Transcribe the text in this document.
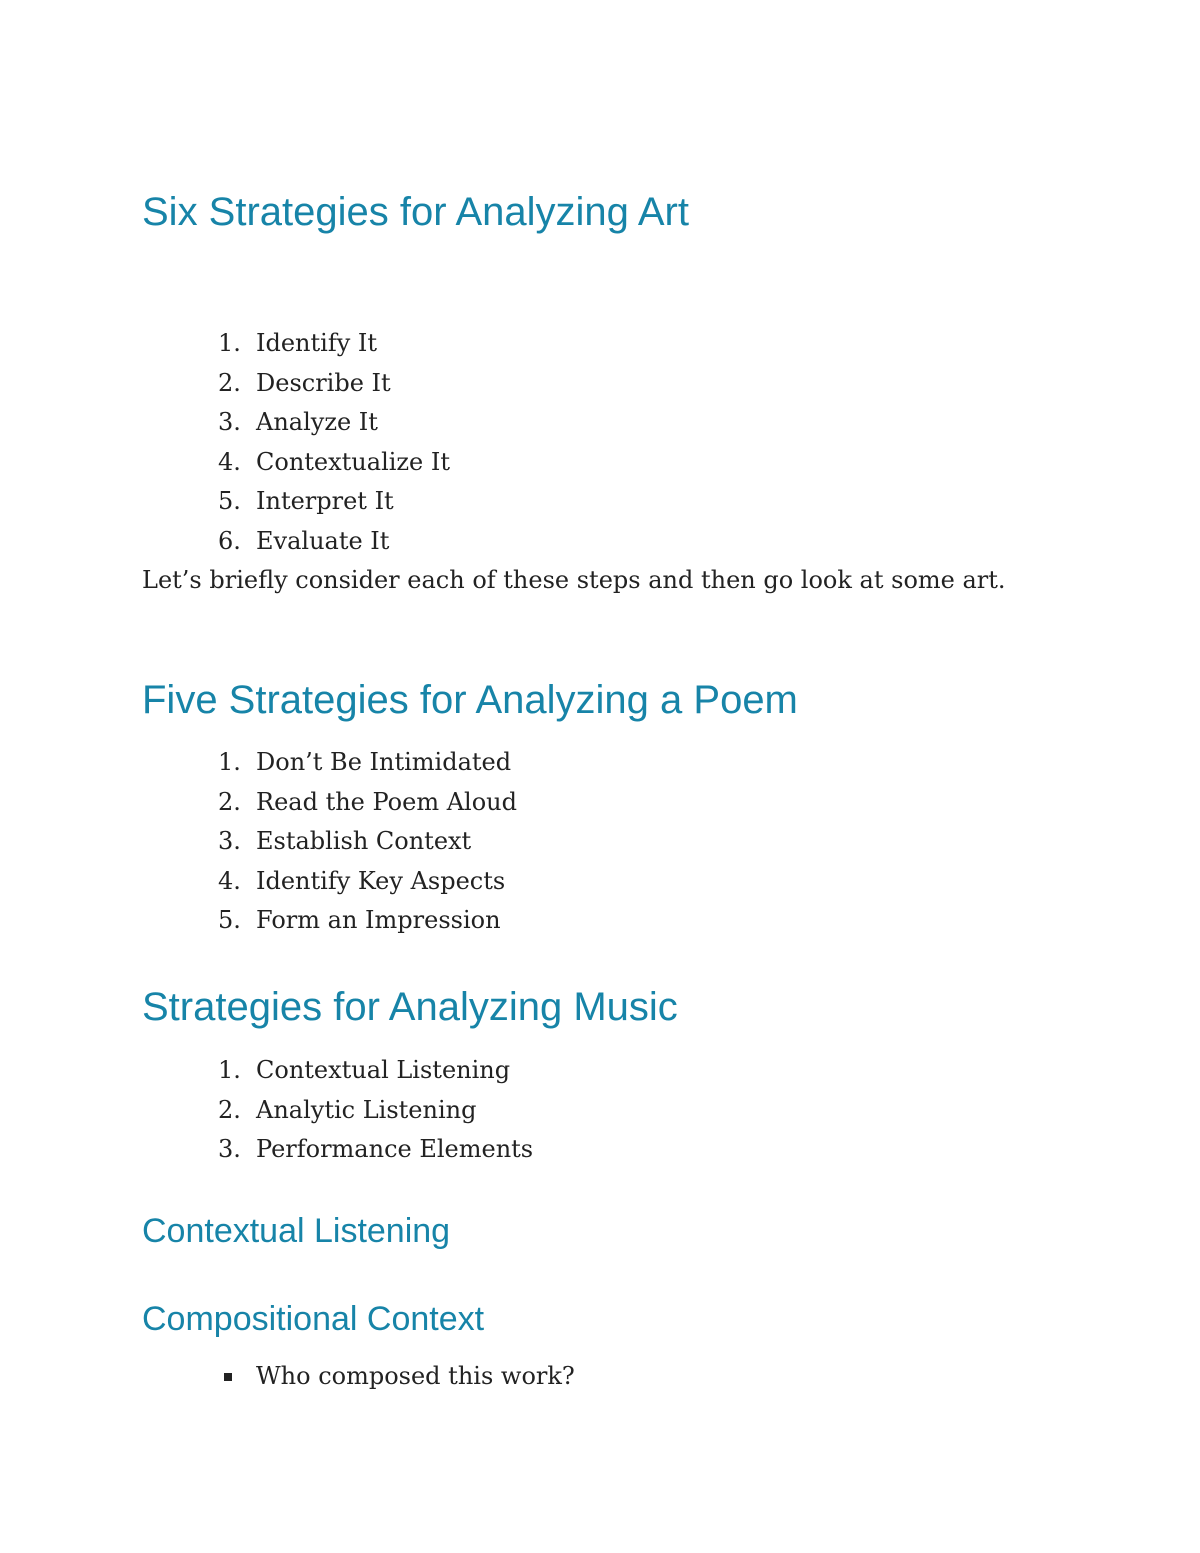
Six Strategies for Analyzing Art
1. Identify It
2. Describe It
3. Analyze It
4. Contextualize It
5. Interpret It
6. Evaluate It

Let’s briefly consider each of these steps and then go look at some art.

Five Strategies for Analyzing a Poem
1. Don’t Be Intimidated
2. Read the Poem Aloud
3. Establish Context
4. Identify Key Aspects
5. Form an Impression
Strategies for Analyzing Music
1. Contextual Listening
2. Analytic Listening
3. Performance Elements
Contextual Listening
Compositional Context
Who composed this work?
